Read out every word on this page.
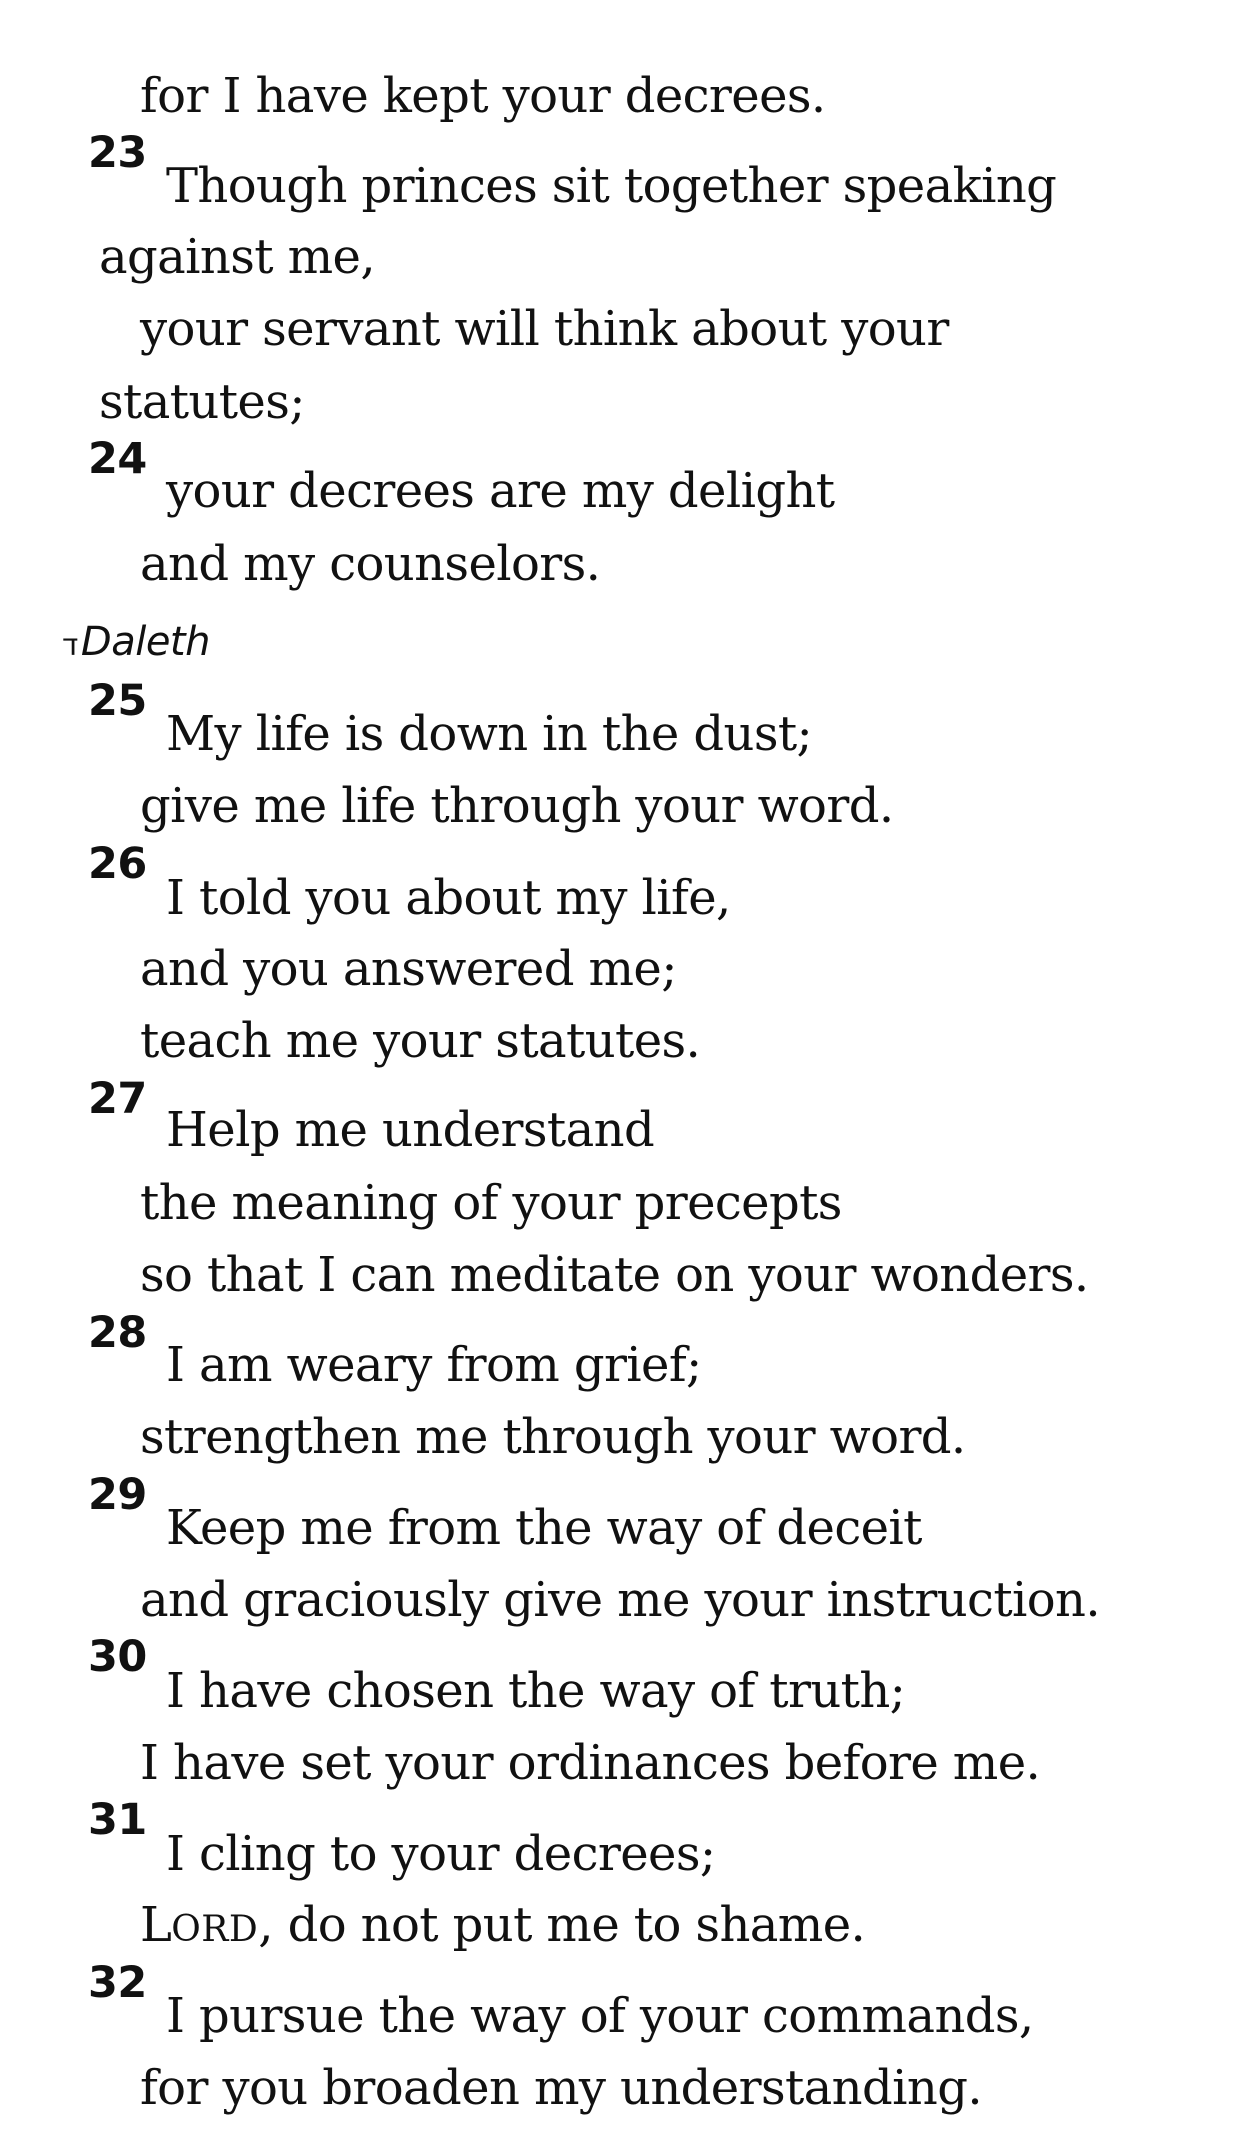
for I have kept your decrees.
23
Though princes sit together speaking
against me,
your servant will think about your
statutes;
24
your decrees are my delight
and my counselors.
דDaleth
25
My life is down in the dust;
give me life through your word.
26
I told you about my life,
and you answered me;
teach me your statutes.
27
Help me understand
the meaning of your precepts
so that I can meditate on your wonders.
28
I am weary from grief;
strengthen me through your word.
29
Keep me from the way of deceit
and graciously give me your instruction.
30
I have chosen the way of truth;
I have set your ordinances before me.
31
I cling to your decrees;
LORD, do not put me to shame.
32
I pursue the way of your commands,
for you broaden my understanding.
